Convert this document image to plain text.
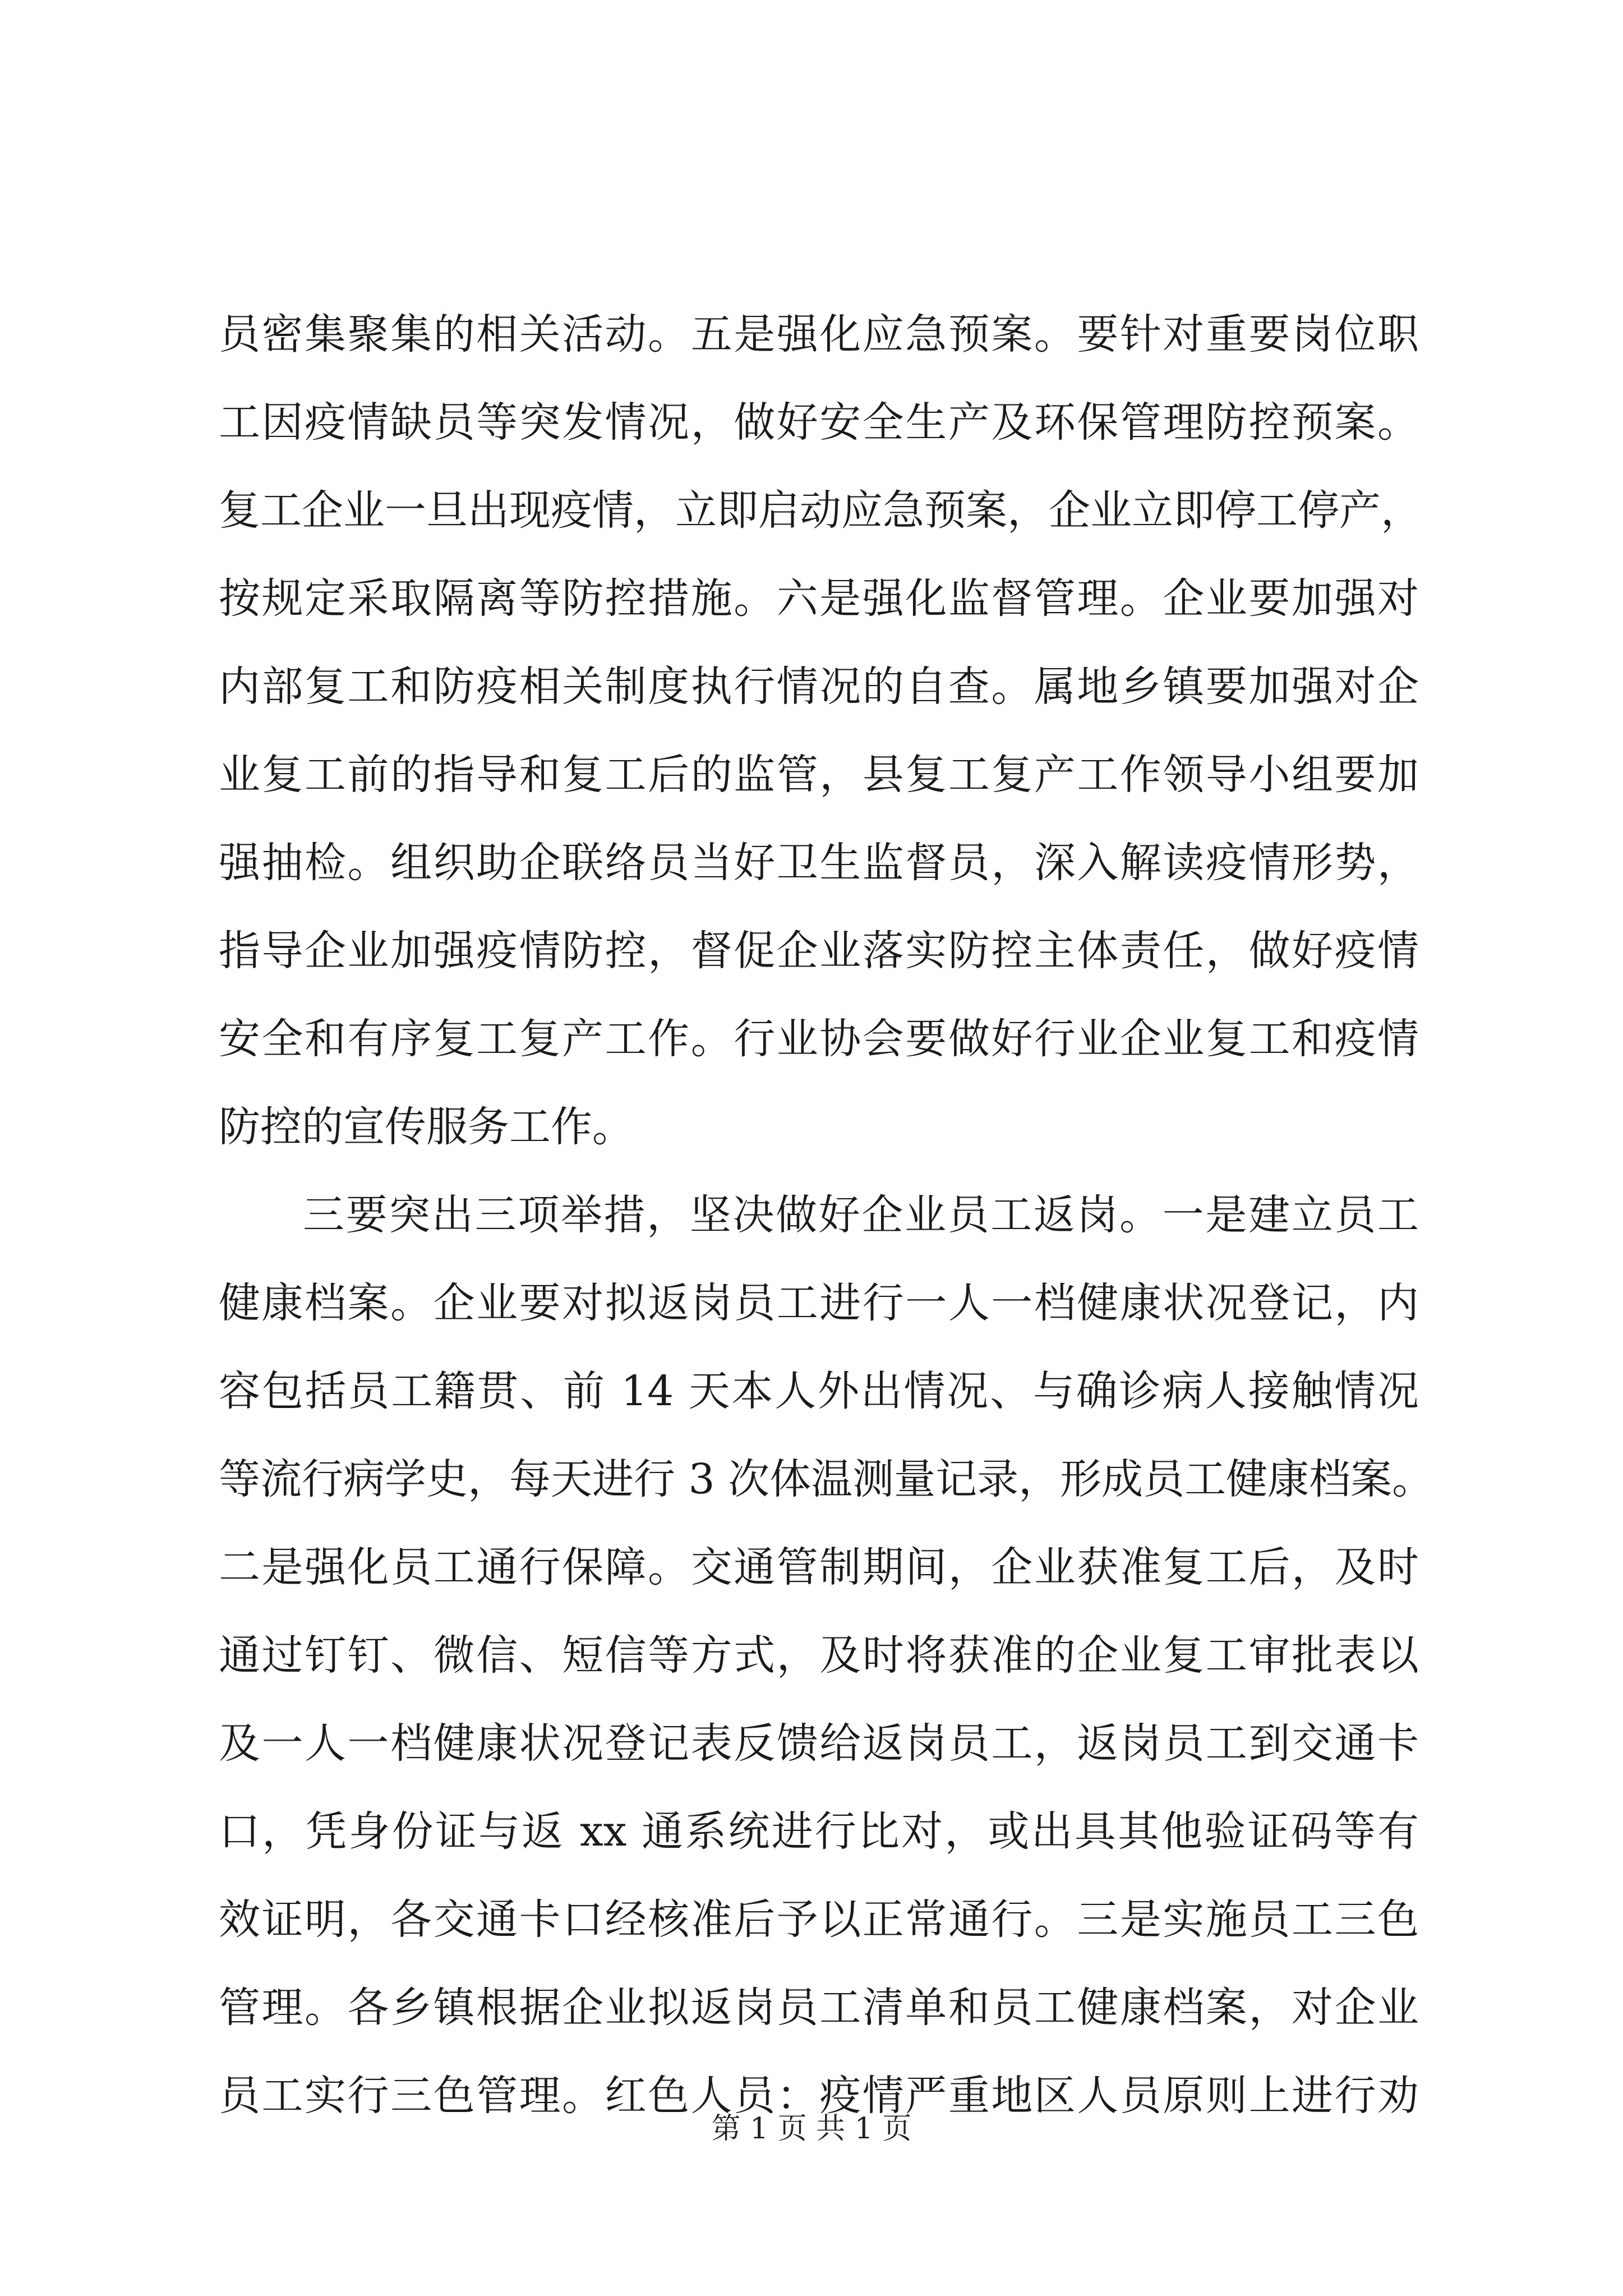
员密集聚集的相关活动。五是强化应急预案。要针对重要岗位职
工因疫情缺员等突发情况，做好安全生产及环保管理防控预案。
复工企业一旦出现疫情，立即启动应急预案，企业立即停工停产，
按规定采取隔离等防控措施。六是强化监督管理。企业要加强对
内部复工和防疫相关制度执行情况的自查。属地乡镇要加强对企
业复工前的指导和复工后的监管，县复工复产工作领导小组要加
强抽检。组织助企联络员当好卫生监督员，深入解读疫情形势，
指导企业加强疫情防控，督促企业落实防控主体责任，做好疫情
安全和有序复工复产工作。行业协会要做好行业企业复工和疫情
防控的宣传服务工作。
三要突出三项举措，坚决做好企业员工返岗。一是建立员工
健康档案。企业要对拟返岗员工进行一人一档健康状况登记，内
容包括员工籍贯、前 14 天本人外出情况、与确诊病人接触情况
等流行病学史，每天进行 3 次体温测量记录，形成员工健康档案。
二是强化员工通行保障。交通管制期间，企业获准复工后，及时
通过钉钉、微信、短信等方式，及时将获准的企业复工审批表以
及一人一档健康状况登记表反馈给返岗员工，返岗员工到交通卡
口，凭身份证与返 xx 通系统进行比对，或出具其他验证码等有
效证明，各交通卡口经核准后予以正常通行。三是实施员工三色
管理。各乡镇根据企业拟返岗员工清单和员工健康档案，对企业
员工实行三色管理。红色人员：疫情严重地区人员原则上进行劝
第 1 页 共 1 页
